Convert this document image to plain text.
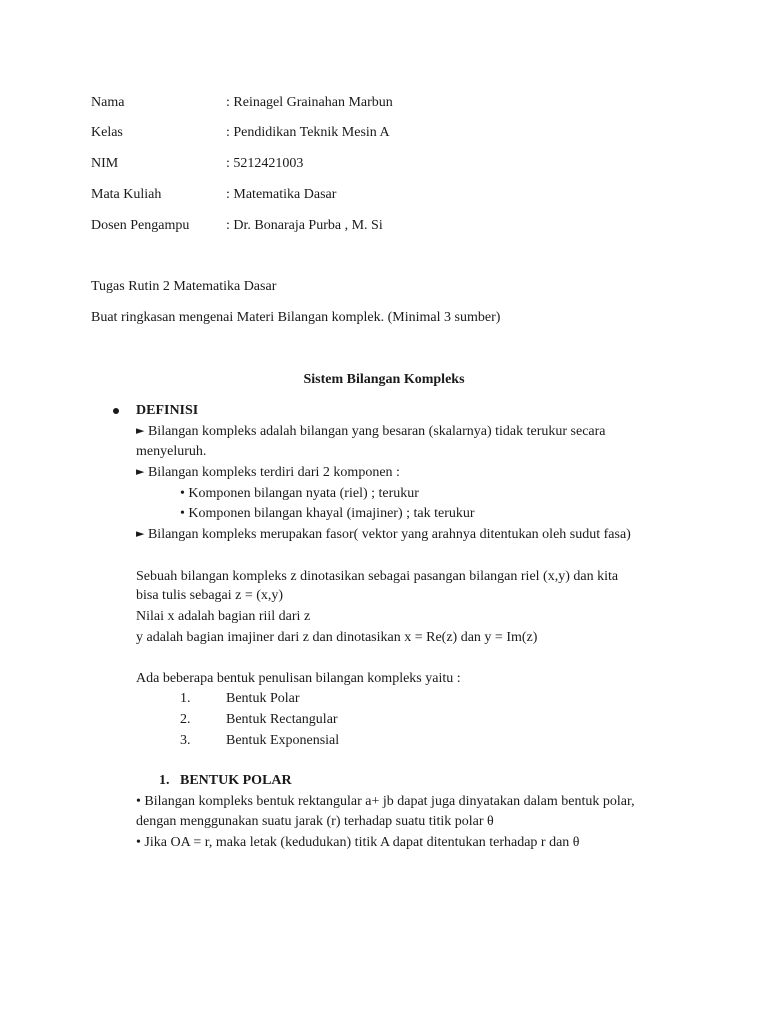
Nama	: Reinagel Grainahan Marbun
Kelas	: Pendidikan Teknik Mesin A
NIM	: 5212421003
Mata Kuliah	: Matematika Dasar
Dosen Pengampu	: Dr. Bonaraja Purba , M. Si
Tugas Rutin 2 Matematika Dasar
Buat ringkasan mengenai Materi Bilangan komplek. (Minimal 3 sumber)
Sistem Bilangan Kompleks
DEFINISI
► Bilangan kompleks adalah bilangan yang besaran (skalarnya) tidak terukur secara
menyeluruh.
► Bilangan kompleks terdiri dari 2 komponen :
• Komponen bilangan nyata (riel) ; terukur
• Komponen bilangan khayal (imajiner) ; tak terukur
► Bilangan kompleks merupakan fasor( vektor yang arahnya ditentukan oleh sudut fasa)
Sebuah bilangan kompleks z dinotasikan sebagai pasangan bilangan riel (x,y) dan kita
bisa tulis sebagai z = (x,y)
Nilai x adalah bagian riil dari z
y adalah bagian imajiner dari z dan dinotasikan x = Re(z) dan y = Im(z)
Ada beberapa bentuk penulisan bilangan kompleks yaitu :
1.	Bentuk Polar
2.	Bentuk Rectangular
3.	Bentuk Exponensial
1.   BENTUK POLAR
• Bilangan kompleks bentuk rektangular a+ jb dapat juga dinyatakan dalam bentuk polar,
dengan menggunakan suatu jarak (r) terhadap suatu titik polar θ
• Jika OA = r, maka letak (kedudukan) titik A dapat ditentukan terhadap r dan θ
